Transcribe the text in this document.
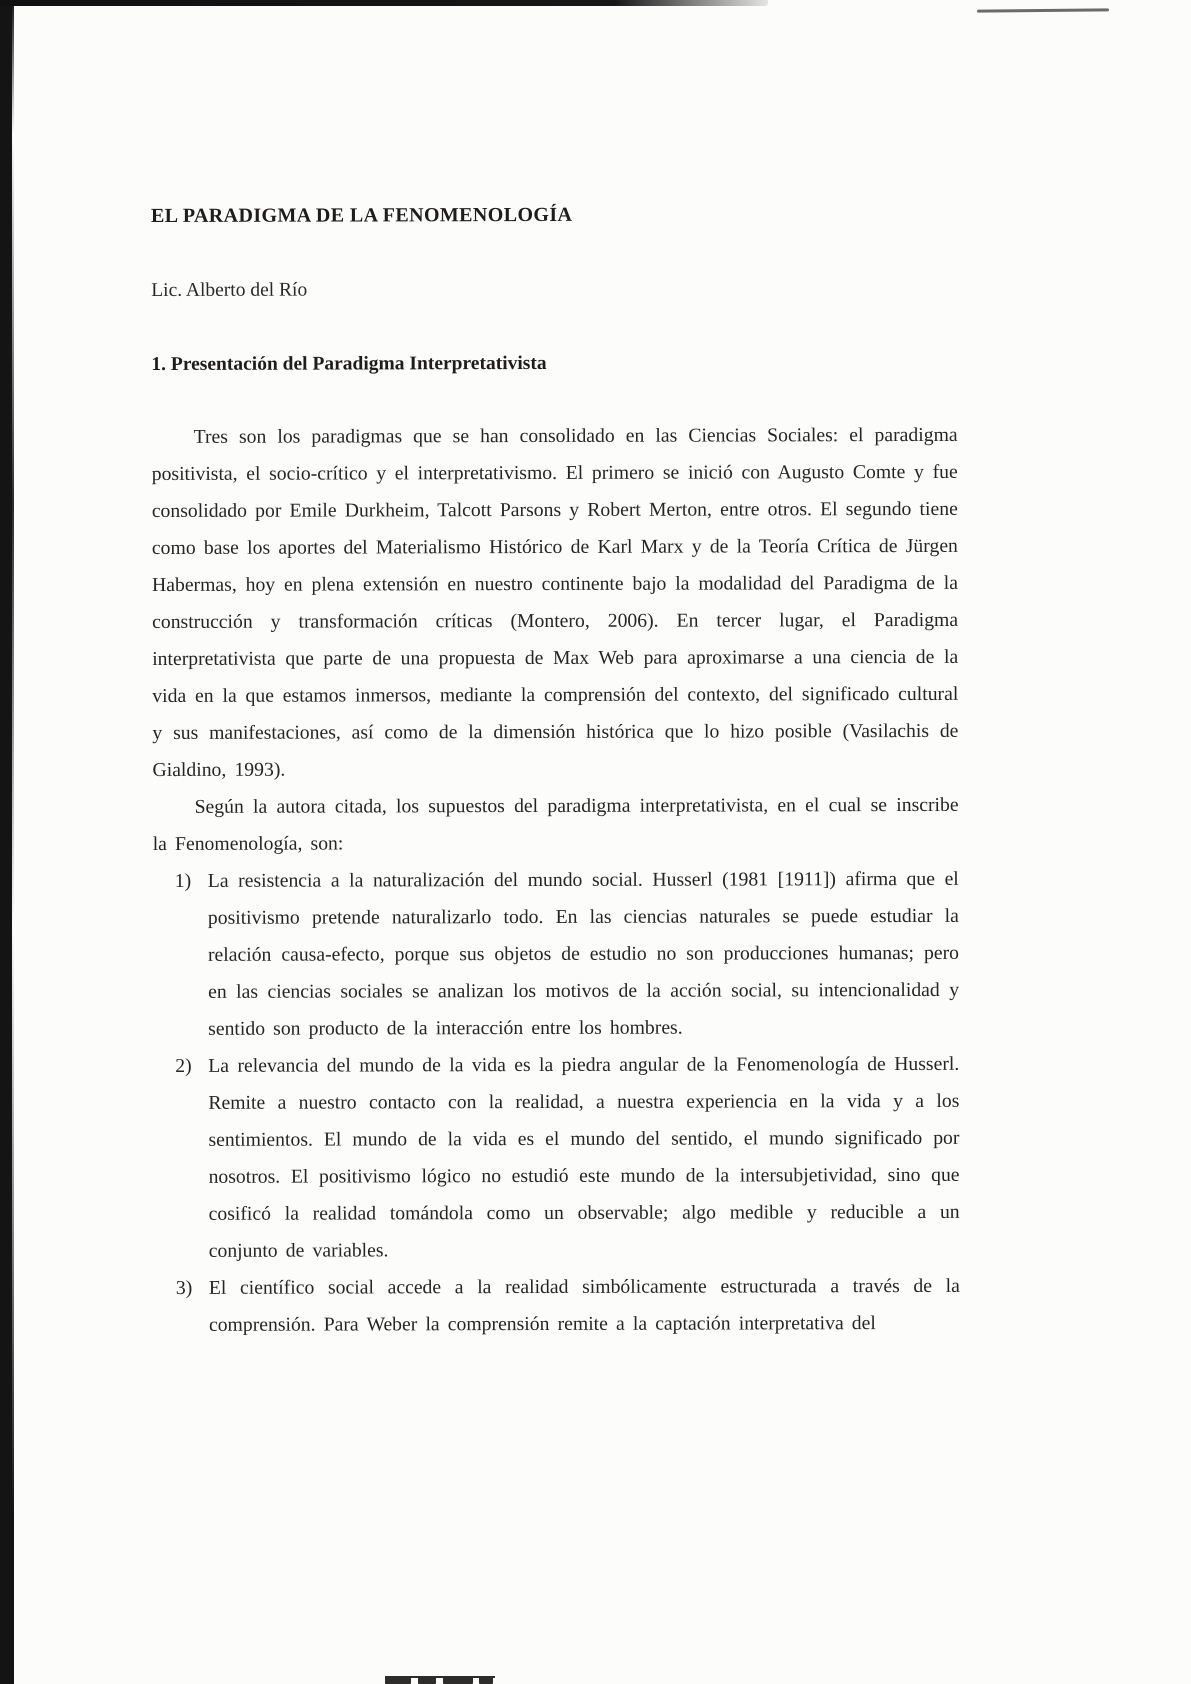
EL PARADIGMA DE LA FENOMENOLOGÍA

Lic. Alberto del Río

1. Presentación del Paradigma Interpretativista

Tres son los paradigmas que se han consolidado en las Ciencias Sociales: el paradigma positivista, el socio-crítico y el interpretativismo. El primero se inició con Augusto Comte y fue consolidado por Emile Durkheim, Talcott Parsons y Robert Merton, entre otros. El segundo tiene como base los aportes del Materialismo Histórico de Karl Marx y de la Teoría Crítica de Jürgen Habermas, hoy en plena extensión en nuestro continente bajo la modalidad del Paradigma de la construcción y transformación críticas (Montero, 2006). En tercer lugar, el Paradigma interpretativista que parte de una propuesta de Max Web para aproximarse a una ciencia de la vida en la que estamos inmersos, mediante la comprensión del contexto, del significado cultural y sus manifestaciones, así como de la dimensión histórica que lo hizo posible (Vasilachis de Gialdino, 1993).

Según la autora citada, los supuestos del paradigma interpretativista, en el cual se inscribe la Fenomenología, son:

1) La resistencia a la naturalización del mundo social. Husserl (1981 [1911]) afirma que el positivismo pretende naturalizarlo todo. En las ciencias naturales se puede estudiar la relación causa-efecto, porque sus objetos de estudio no son producciones humanas; pero en las ciencias sociales se analizan los motivos de la acción social, su intencionalidad y sentido son producto de la interacción entre los hombres.
2) La relevancia del mundo de la vida es la piedra angular de la Fenomenología de Husserl. Remite a nuestro contacto con la realidad, a nuestra experiencia en la vida y a los sentimientos. El mundo de la vida es el mundo del sentido, el mundo significado por nosotros. El positivismo lógico no estudió este mundo de la intersubjetividad, sino que cosificó la realidad tomándola como un observable; algo medible y reducible a un conjunto de variables.
3) El científico social accede a la realidad simbólicamente estructurada a través de la comprensión. Para Weber la comprensión remite a la captación interpretativa del
